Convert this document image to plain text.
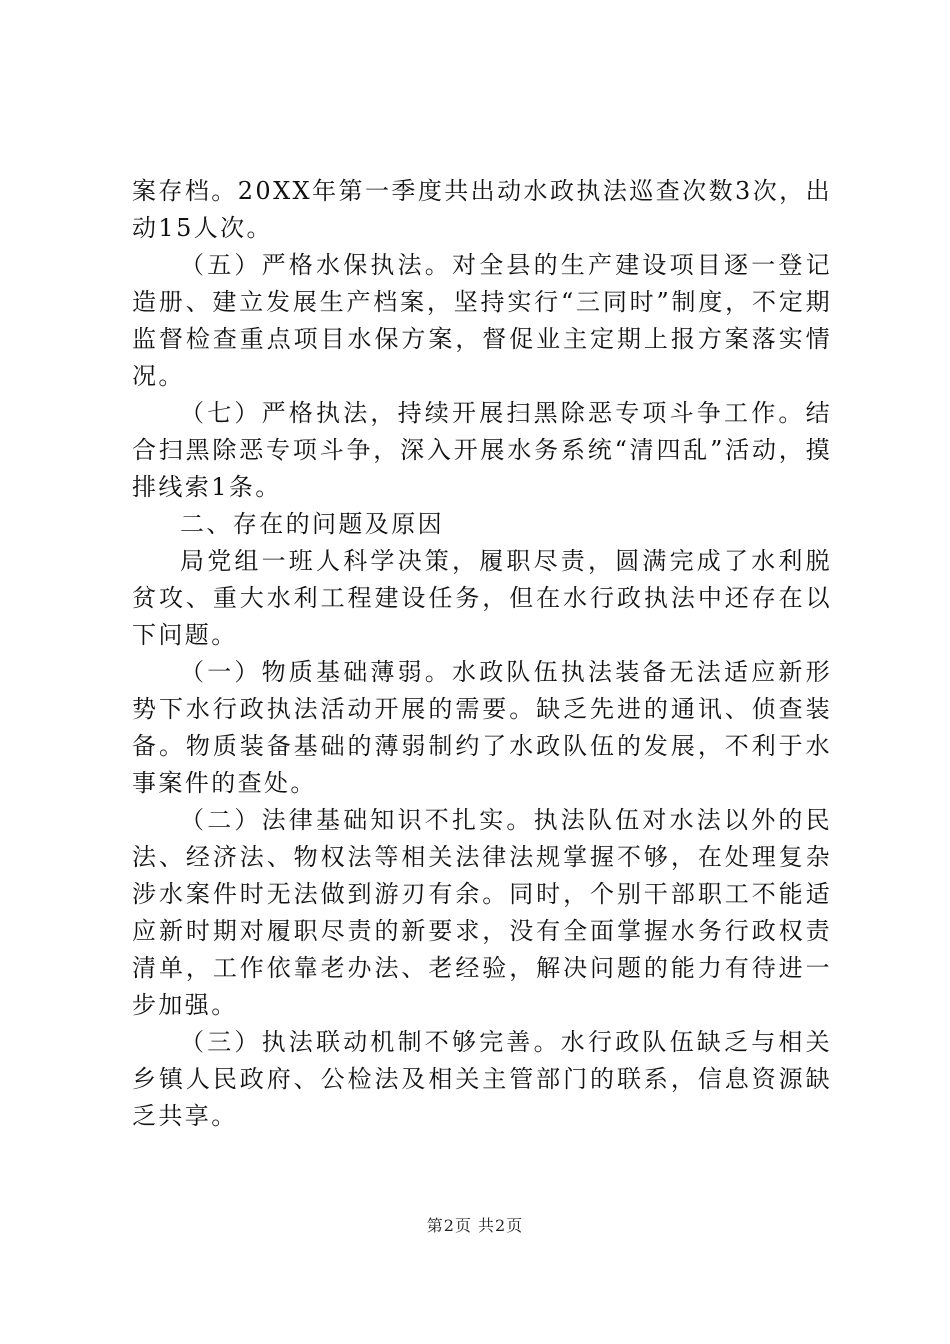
案存档。20XX年第一季度共出动水政执法巡查次数3次，出动15人次。

（五）严格水保执法。对全县的生产建设项目逐一登记造册、建立发展生产档案，坚持实行“三同时”制度，不定期监督检查重点项目水保方案，督促业主定期上报方案落实情况。

（七）严格执法，持续开展扫黑除恶专项斗争工作。结合扫黑除恶专项斗争，深入开展水务系统“清四乱”活动，摸排线索1条。

二、存在的问题及原因

局党组一班人科学决策，履职尽责，圆满完成了水利脱贫攻、重大水利工程建设任务，但在水行政执法中还存在以下问题。

（一）物质基础薄弱。水政队伍执法装备无法适应新形势下水行政执法活动开展的需要。缺乏先进的通讯、侦查装备。物质装备基础的薄弱制约了水政队伍的发展，不利于水事案件的查处。

（二）法律基础知识不扎实。执法队伍对水法以外的民法、经济法、物权法等相关法律法规掌握不够，在处理复杂涉水案件时无法做到游刃有余。同时，个别干部职工不能适应新时期对履职尽责的新要求，没有全面掌握水务行政权责清单，工作依靠老办法、老经验，解决问题的能力有待进一步加强。

（三）执法联动机制不够完善。水行政队伍缺乏与相关乡镇人民政府、公检法及相关主管部门的联系，信息资源缺乏共享。

第2页 共2页
